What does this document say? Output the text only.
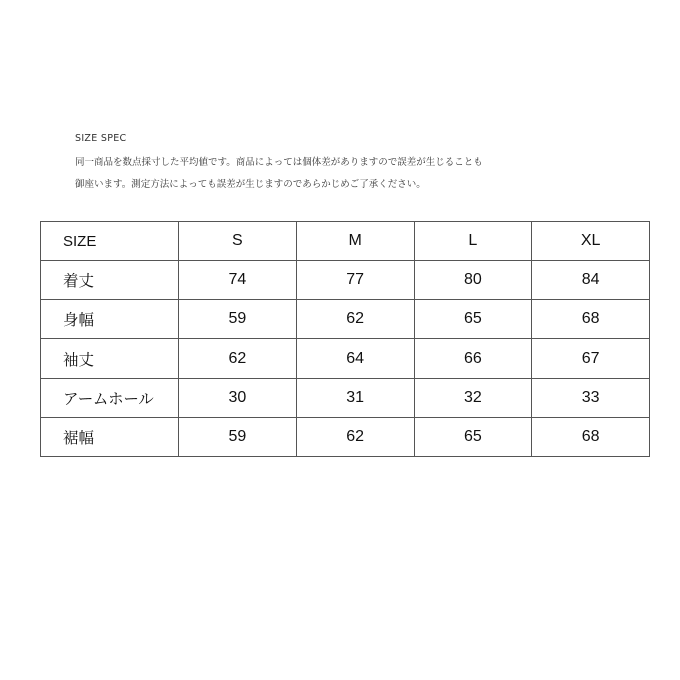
SIZE SPEC
同一商品を数点採寸した平均値です。商品によっては個体差がありますので誤差が生じることも
御座います。測定方法によっても誤差が生じますのであらかじめご了承ください。
SIZE	S	M	L	XL
着丈	74	77	80	84
身幅	59	62	65	68
袖丈	62	64	66	67
アームホール	30	31	32	33
裾幅	59	62	65	68
